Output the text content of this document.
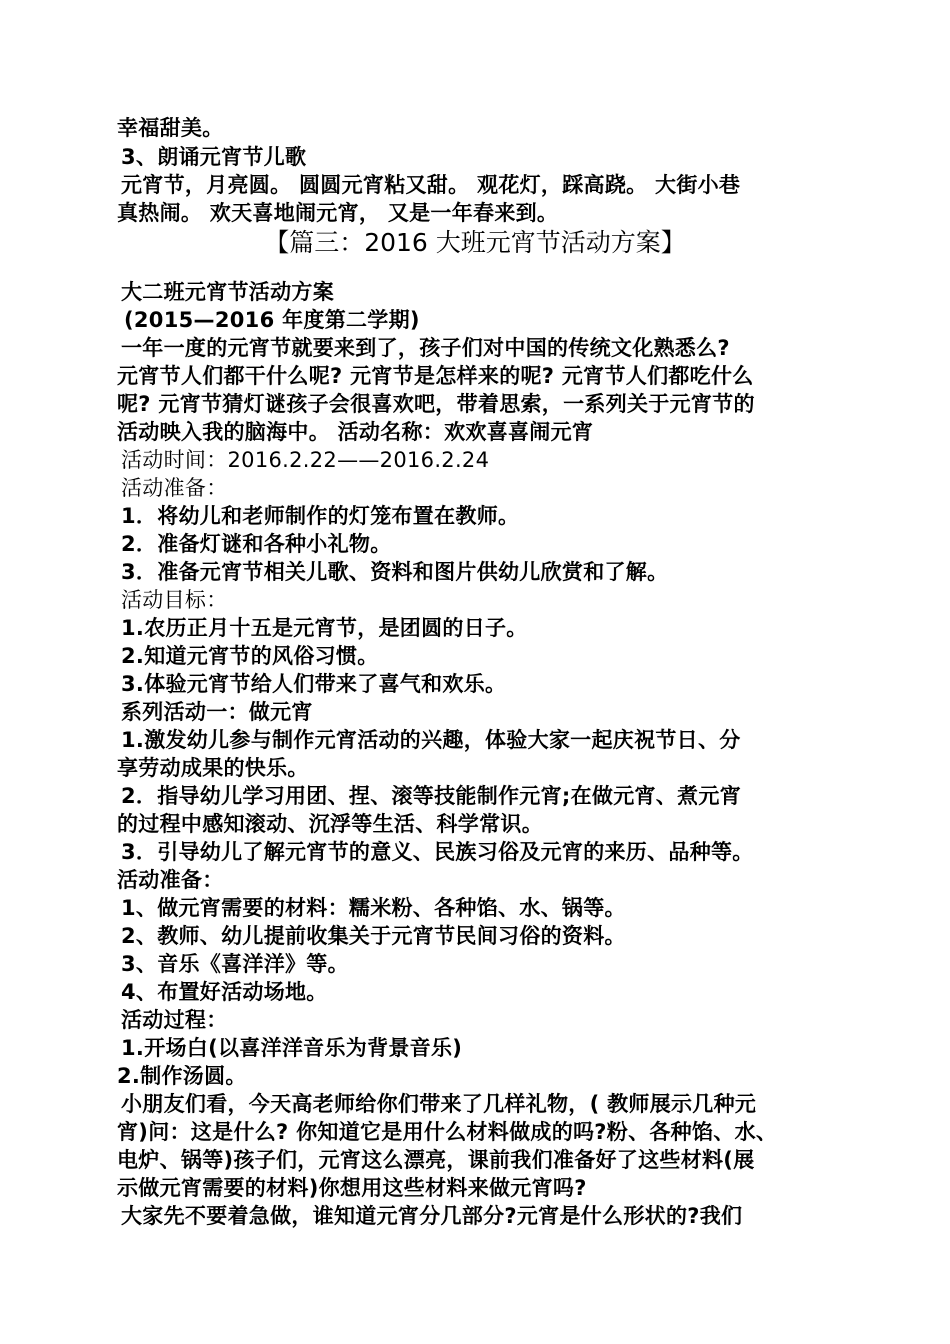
幸福甜美。
3、朗诵元宵节儿歌
元宵节，月亮圆。 圆圆元宵粘又甜。 观花灯，踩高跷。 大街小巷
真热闹。 欢天喜地闹元宵， 又是一年春来到。
【篇三：2016 大班元宵节活动方案】
大二班元宵节活动方案
(2015—2016 年度第二学期)
一年一度的元宵节就要来到了，孩子们对中国的传统文化熟悉么?
元宵节人们都干什么呢? 元宵节是怎样来的呢? 元宵节人们都吃什么
呢? 元宵节猜灯谜孩子会很喜欢吧，带着思索，一系列关于元宵节的
活动映入我的脑海中。 活动名称：欢欢喜喜闹元宵
活动时间：2016.2.22——2016.2.24
活动准备：
1．将幼儿和老师制作的灯笼布置在教师。
2．准备灯谜和各种小礼物。
3．准备元宵节相关儿歌、资料和图片供幼儿欣赏和了解。
活动目标：
1.农历正月十五是元宵节，是团圆的日子。
2.知道元宵节的风俗习惯。
3.体验元宵节给人们带来了喜气和欢乐。
系列活动一：做元宵
1.激发幼儿参与制作元宵活动的兴趣，体验大家一起庆祝节日、分
享劳动成果的快乐。
2．指导幼儿学习用团、捏、滚等技能制作元宵;在做元宵、煮元宵
的过程中感知滚动、沉浮等生活、科学常识。
3．引导幼儿了解元宵节的意义、民族习俗及元宵的来历、品种等。
活动准备：
1、做元宵需要的材料：糯米粉、各种馅、水、锅等。
2、教师、幼儿提前收集关于元宵节民间习俗的资料。
3、音乐《喜洋洋》等。
4、布置好活动场地。
活动过程：
1.开场白(以喜洋洋音乐为背景音乐)
2.制作汤圆。
小朋友们看，今天高老师给你们带来了几样礼物，( 教师展示几种元
宵)问：这是什么? 你知道它是用什么材料做成的吗?粉、各种馅、水、
电炉、锅等)孩子们，元宵这么漂亮，课前我们准备好了这些材料(展
示做元宵需要的材料)你想用这些材料来做元宵吗?
大家先不要着急做，谁知道元宵分几部分?元宵是什么形状的?我们
